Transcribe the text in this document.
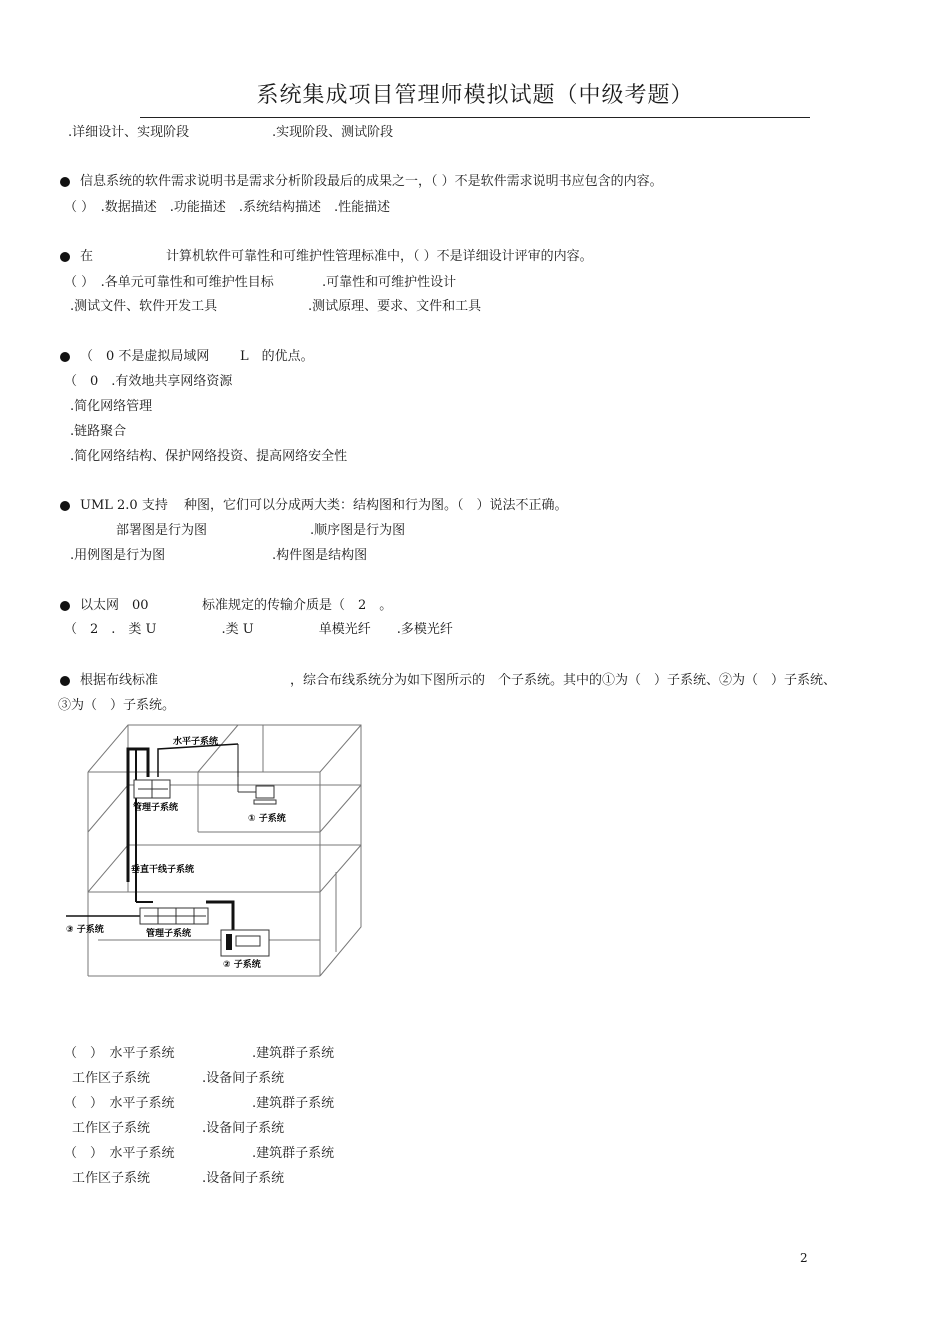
系统集成项目管理师模拟试题（中级考题）
.详细设计、实现阶段	.实现阶段、测试阶段
信息系统的软件需求说明书是需求分析阶段最后的成果之一，（ ）不是软件需求说明书应包含的内容。
（ ）　.数据描述　.功能描述　.系统结构描述　.性能描述
在	计算机软件可靠性和可维护性管理标准中，（ ）不是详细设计评审的内容。
（ ）　.各单元可靠性和可维护性目标	.可靠性和可维护性设计
.测试文件、软件开发工具	.测试原理、要求、文件和工具
（　0 不是虚拟局域网 L　的优点。
（　0　.有效地共享网络资源
.简化网络管理
.链路聚合
.简化网络结构、保护网络投资、提高网络安全性
UML 2.0 支持 种图，它们可以分成两大类：结构图和行为图。（　）说法不正确。
部署图是行为图	.顺序图是行为图
.用例图是行为图	.构件图是结构图
以太网　00	标准规定的传输介质是（　2　。
（　2　.　类 U　　　　　.类 U　　　　　单模光纤　　.多模光纤
根据布线标准	，综合布线系统分为如下图所示的　个子系统。其中的①为（　）子系统、②为（　）子系统、
③为（　）子系统。
水平子系统
管理子系统
① 子系统
垂直干线子系统
③ 子系统	管理子系统
② 子系统
（　）　水平子系统	.建筑群子系统
工作区子系统	.设备间子系统
（　）　水平子系统	.建筑群子系统
工作区子系统	.设备间子系统
（　）　水平子系统	.建筑群子系统
工作区子系统	.设备间子系统
2
